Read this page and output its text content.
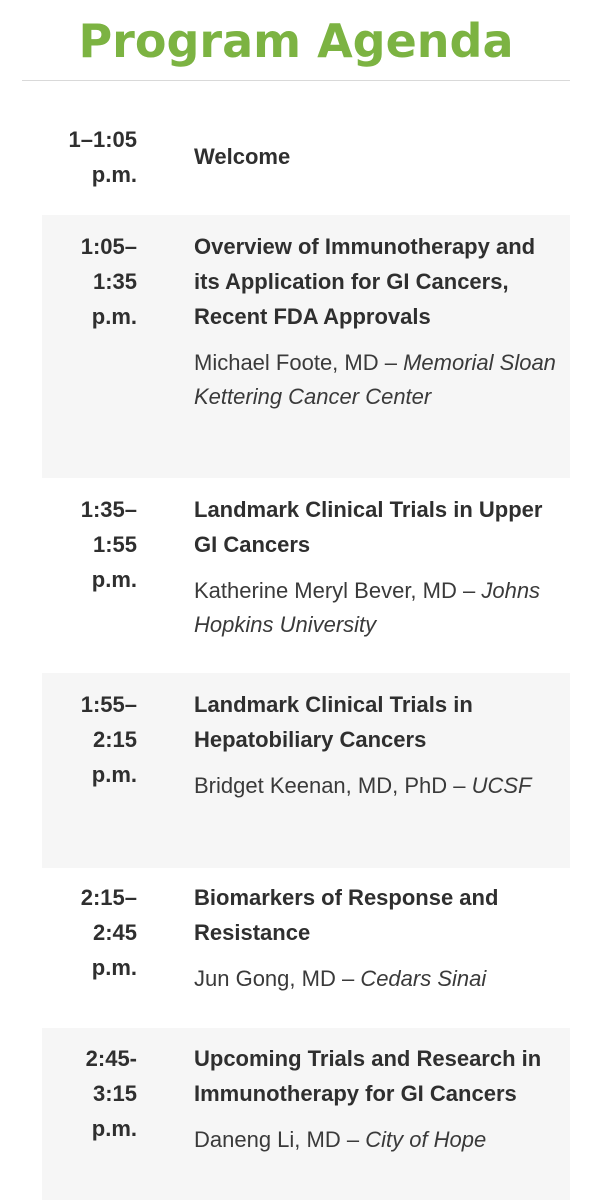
Program Agenda
1–1:05
p.m.
Welcome
1:05–
1:35
p.m.
Overview of Immunotherapy and its Application for GI Cancers, Recent FDA Approvals
Michael Foote, MD – Memorial Sloan Kettering Cancer Center
1:35–
1:55
p.m.
Landmark Clinical Trials in Upper GI Cancers
Katherine Meryl Bever, MD – Johns Hopkins University
1:55–
2:15
p.m.
Landmark Clinical Trials in Hepatobiliary Cancers
Bridget Keenan, MD, PhD – UCSF
2:15–
2:45
p.m.
Biomarkers of Response and Resistance
Jun Gong, MD – Cedars Sinai
2:45-
3:15
p.m.
Upcoming Trials and Research in Immunotherapy for GI Cancers
Daneng Li, MD – City of Hope
